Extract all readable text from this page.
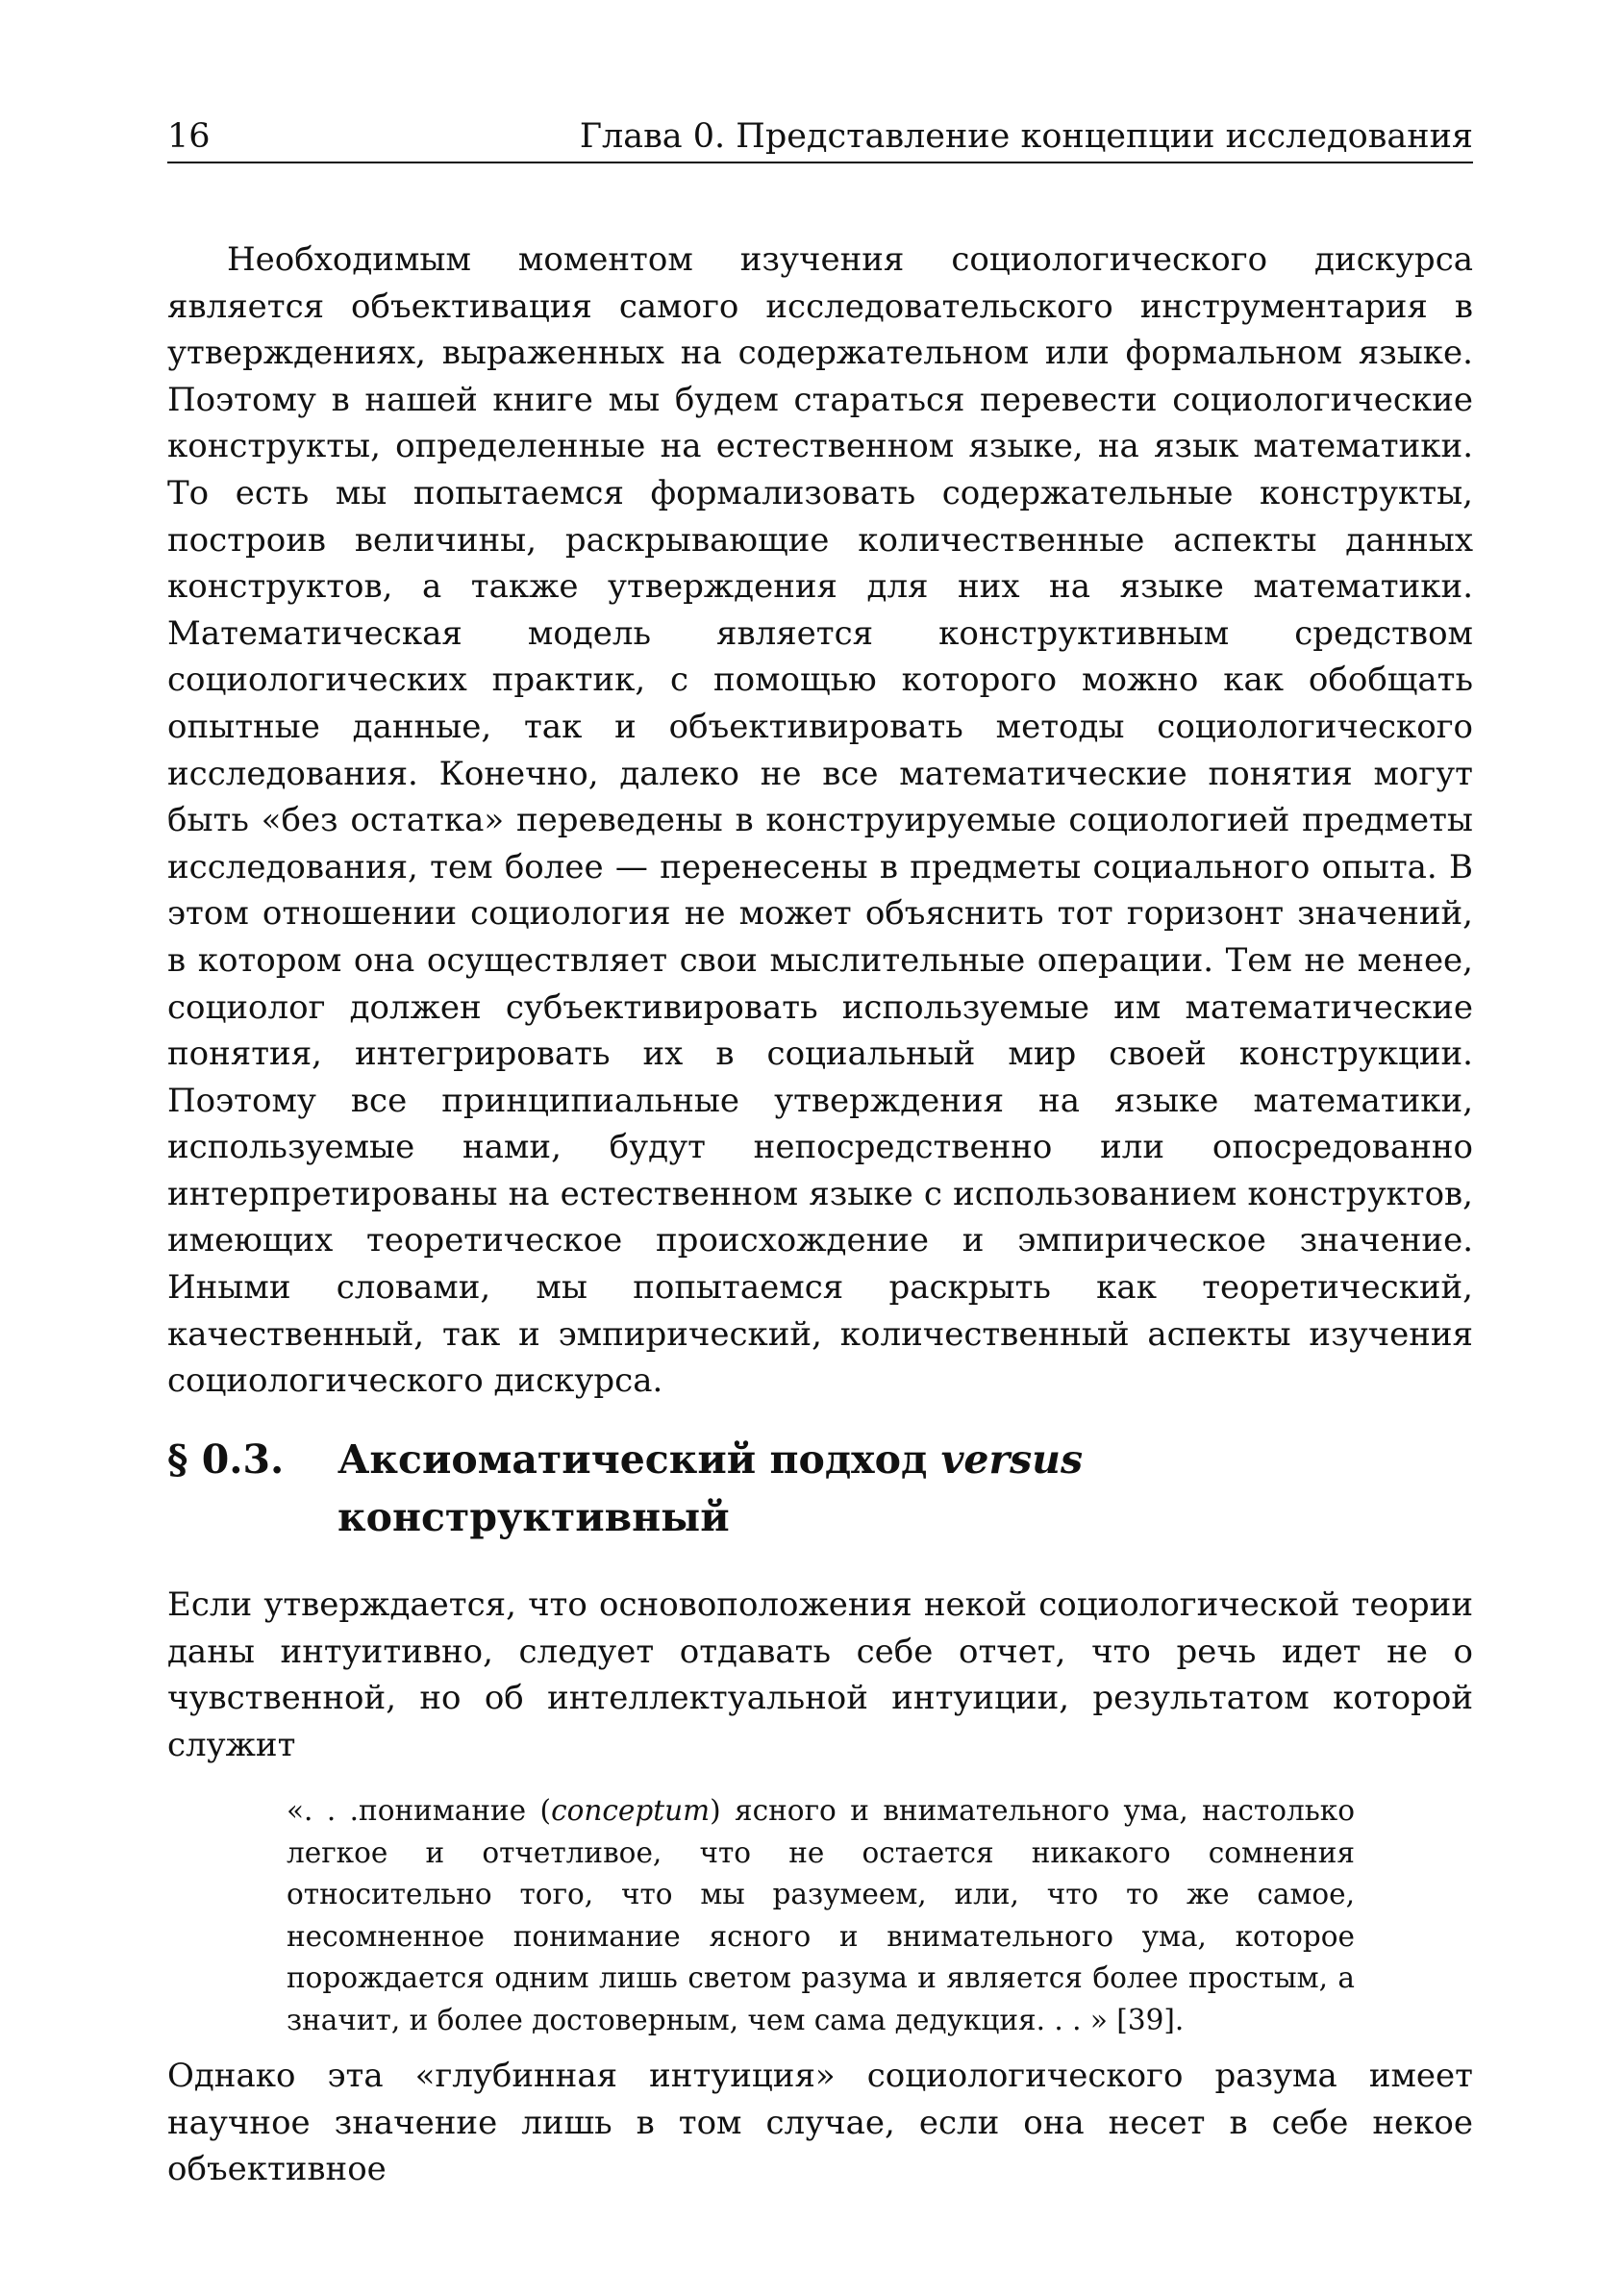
16	Глава 0. Представление концепции исследования

Необходимым моментом изучения социологического дискурса является объективация самого исследовательского инструментария в утверждениях, выраженных на содержательном или формальном языке. Поэтому в нашей книге мы будем стараться перевести социологические конструкты, определенные на естественном языке, на язык математики. То есть мы попытаемся формализовать содержательные конструкты, построив величины, раскрывающие количественные аспекты данных конструктов, а также утверждения для них на языке математики. Математическая модель является конструктивным средством социологических практик, с помощью которого можно как обобщать опытные данные, так и объективировать методы социологического исследования. Конечно, далеко не все математические понятия могут быть «без остатка» переведены в конструируемые социологией предметы исследования, тем более — перенесены в предметы социального опыта. В этом отношении социология не может объяснить тот горизонт значений, в котором она осуществляет свои мыслительные операции. Тем не менее, социолог должен субъективировать используемые им математические понятия, интегрировать их в социальный мир своей конструкции. Поэтому все принципиальные утверждения на языке математики, используемые нами, будут непосредственно или опосредованно интерпретированы на естественном языке с использованием конструктов, имеющих теоретическое происхождение и эмпирическое значение. Иными словами, мы попытаемся раскрыть как теоретический, качественный, так и эмпирический, количественный аспекты изучения социологического дискурса.

§ 0.3.	Аксиоматический подход versus конструктивный

Если утверждается, что основоположения некой социологической теории даны интуитивно, следует отдавать себе отчет, что речь идет не о чувственной, но об интеллектуальной интуиции, результатом которой служит

«. . .понимание (conceptum) ясного и внимательного ума, настолько легкое и отчетливое, что не остается никакого сомнения относительно того, что мы разумеем, или, что то же самое, несомненное понимание ясного и внимательного ума, которое порождается одним лишь светом разума и является более простым, а значит, и более достоверным, чем сама дедукция. . . » [39].

Однако эта «глубинная интуиция» социологического разума имеет научное значение лишь в том случае, если она несет в себе некое объективное
